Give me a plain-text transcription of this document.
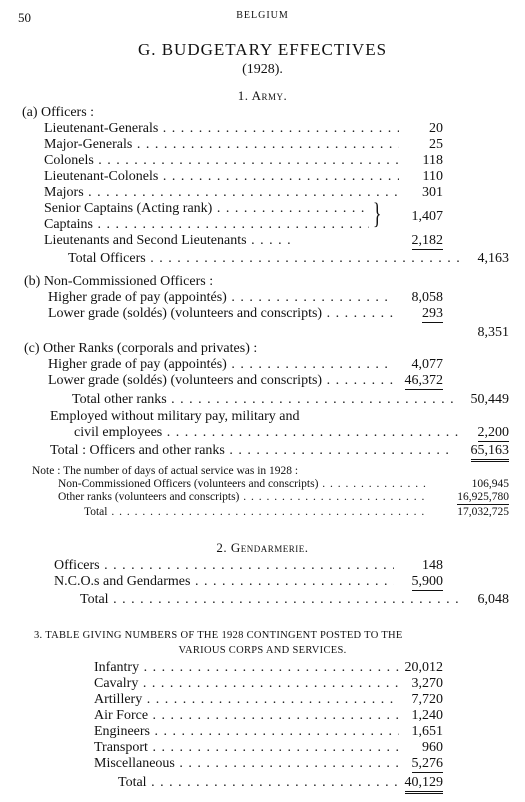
50	BELGIUM
G. BUDGETARY EFFECTIVES
(1928).
1. Army.
(a) Officers :
Lieutenant-Generals . . .	20
Major-Generals . . .	25
Colonels . . .	118
Lieutenant-Colonels . . .	110
Majors . . .	301
Senior Captains (Acting rank) . . .
Captains . . .	} 1,407
Lieutenants and Second Lieutenants . . .	2,182
Total Officers . . .	4,163
(b) Non-Commissioned Officers :
Higher grade of pay (appointés) . . .	8,058
Lower grade (soldés) (volunteers and conscripts) . . .	293
8,351
(c) Other Ranks (corporals and privates) :
Higher grade of pay (appointés) . . .	4,077
Lower grade (soldés) (volunteers and conscripts) . . .	46,372
Total other ranks . . .	50,449
Employed without military pay, military and
civil employees . . .	2,200
Total : Officers and other ranks . . .	65,163
Note : The number of days of actual service was in 1928 :
Non-Commissioned Officers (volunteers and conscripts) . . .	106,945
Other ranks (volunteers and conscripts) . . .	16,925,780
Total . . .	17,032,725
2. Gendarmerie.
Officers . . .	148
N.C.O.s and Gendarmes . . .	5,900
Total . . .	6,048
3. TABLE GIVING NUMBERS OF THE 1928 CONTINGENT POSTED TO THE
VARIOUS CORPS AND SERVICES.
Infantry . . .	20,012
Cavalry . . .	3,270
Artillery . . .	7,720
Air Force . . .	1,240
Engineers . . .	1,651
Transport . . .	960
Miscellaneous . . .	5,276
Total . . .	40,129
